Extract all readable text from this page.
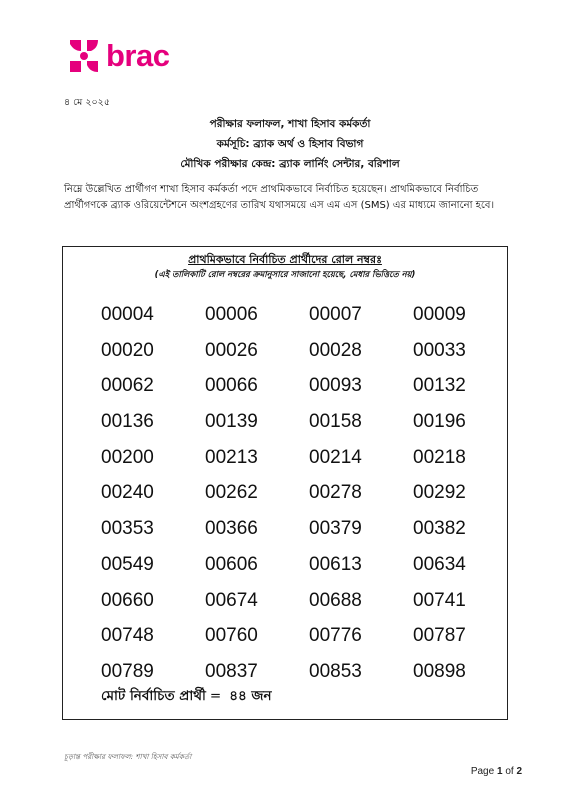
brac
৪ মে ২০২৫
পরীক্ষার ফলাফল, শাখা হিসাব কর্মকর্তা
কর্মসূচি: ব্র্যাক অর্থ ও হিসাব বিভাগ
মৌখিক পরীক্ষার কেন্দ্র: ব্র্যাক লার্নিং সেন্টার, বরিশাল
নিম্নে উল্লেখিত প্রার্থীগণ শাখা হিসাব কর্মকর্তা পদে প্রাথমিকভাবে নির্বাচিত হয়েছেন। প্রাথমিকভাবে নির্বাচিত প্রার্থীগণকে ব্র্যাক ওরিয়েন্টেশনে অংশগ্রহণের তারিখ যথাসময়ে এস এম এস (SMS) এর মাধ্যমে জানানো হবে।
প্রাথমিকভাবে নির্বাচিত প্রার্থীদের রোল নম্বরঃ
(এই তালিকাটি রোল নম্বরের ক্রমানুসারে সাজানো হয়েছে, মেধার ভিত্তিতে নয়)
00004	00006	00007	00009
00020	00026	00028	00033
00062	00066	00093	00132
00136	00139	00158	00196
00200	00213	00214	00218
00240	00262	00278	00292
00353	00366	00379	00382
00549	00606	00613	00634
00660	00674	00688	00741
00748	00760	00776	00787
00789	00837	00853	00898
মোট নির্বাচিত প্রার্থী = ৪৪ জন
চূড়ান্ত পরীক্ষার ফলাফল: শাখা হিসাব কর্মকর্তা
Page 1 of 2
